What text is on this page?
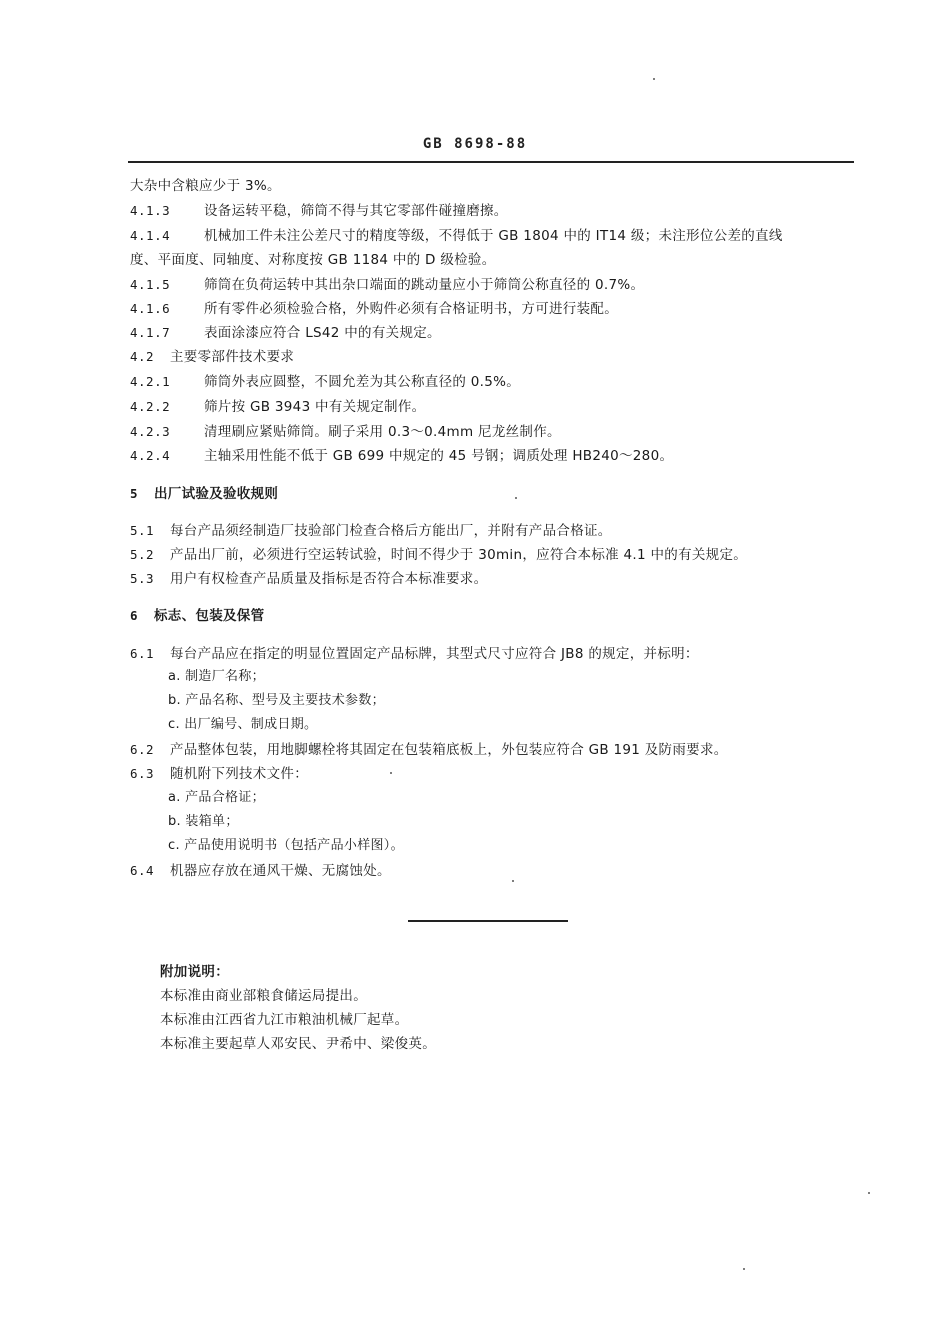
GB 8698-88
大杂中含粮应少于 3%。
4.1.3	设备运转平稳，筛筒不得与其它零部件碰撞磨擦。
4.1.4	机械加工件未注公差尺寸的精度等级，不得低于 GB 1804 中的 IT14 级；未注形位公差的直线
度、平面度、同轴度、对称度按 GB 1184 中的 D 级检验。
4.1.5	筛筒在负荷运转中其出杂口端面的跳动量应小于筛筒公称直径的 0.7%。
4.1.6	所有零件必须检验合格，外购件必须有合格证明书，方可进行装配。
4.1.7	表面涂漆应符合 LS42 中的有关规定。
4.2 主要零部件技术要求
4.2.1	筛筒外表应圆整，不圆允差为其公称直径的 0.5%。
4.2.2	筛片按 GB 3943 中有关规定制作。
4.2.3	清理刷应紧贴筛筒。刷子采用 0.3～0.4mm 尼龙丝制作。
4.2.4	主轴采用性能不低于 GB 699 中规定的 45 号钢；调质处理 HB240～280。
5 出厂试验及验收规则
5.1 每台产品须经制造厂技验部门检查合格后方能出厂，并附有产品合格证。
5.2 产品出厂前，必须进行空运转试验，时间不得少于 30min，应符合本标准 4.1 中的有关规定。
5.3 用户有权检查产品质量及指标是否符合本标准要求。
6 标志、包装及保管
6.1 每台产品应在指定的明显位置固定产品标牌，其型式尺寸应符合 JB8 的规定，并标明：
a. 制造厂名称；
b. 产品名称、型号及主要技术参数；
c. 出厂编号、制成日期。
6.2 产品整体包装，用地脚螺栓将其固定在包装箱底板上，外包装应符合 GB 191 及防雨要求。
6.3 随机附下列技术文件：
a. 产品合格证；
b. 装箱单；
c. 产品使用说明书（包括产品小样图）。
6.4 机器应存放在通风干燥、无腐蚀处。
附加说明：
本标准由商业部粮食储运局提出。
本标准由江西省九江市粮油机械厂起草。
本标准主要起草人邓安民、尹希中、梁俊英。
